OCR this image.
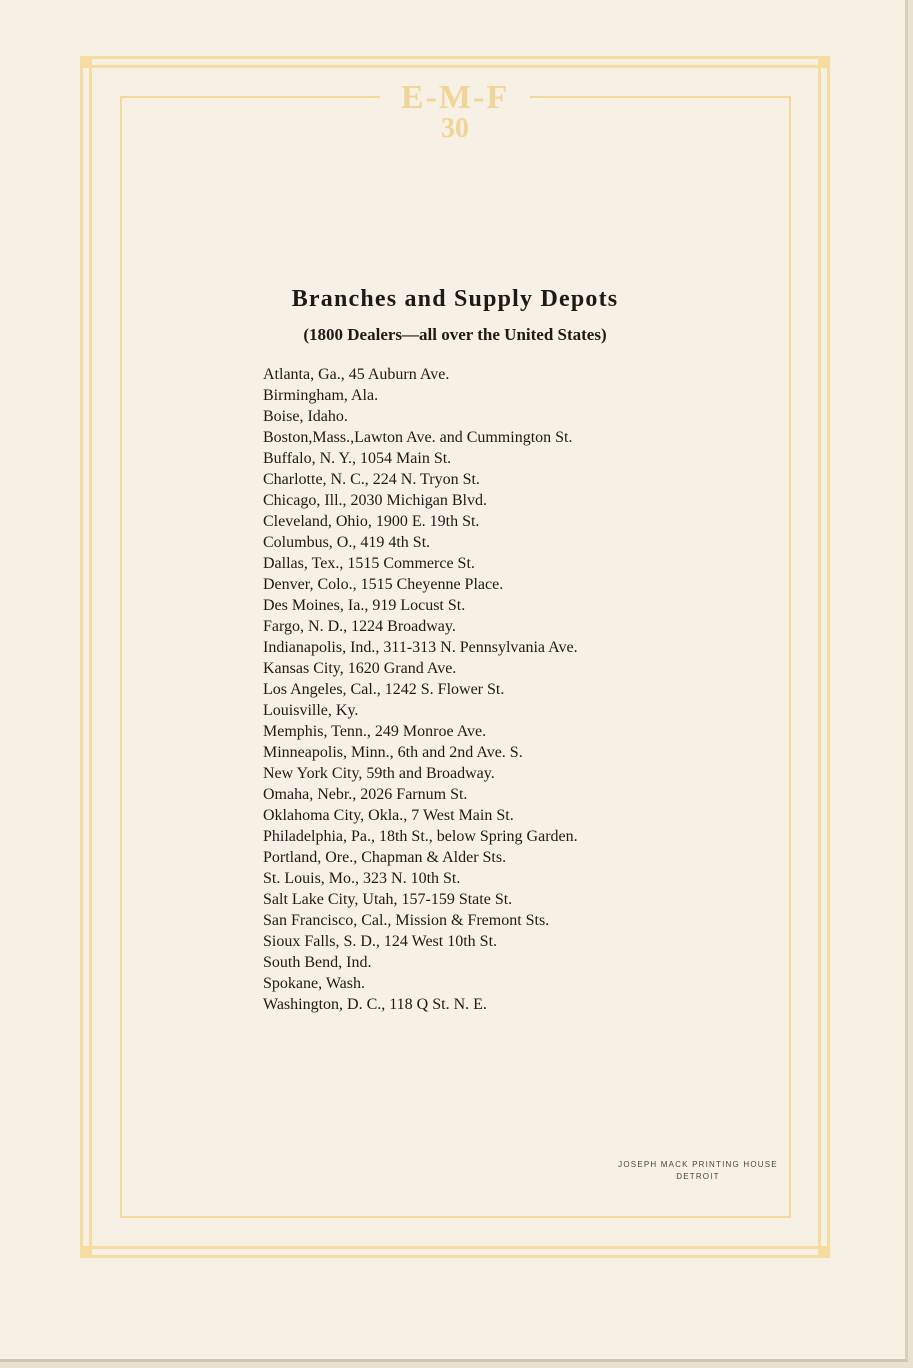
E-M-F
30
Branches and Supply Depots
(1800 Dealers—all over the United States)
Atlanta, Ga., 45 Auburn Ave.
Birmingham, Ala.
Boise, Idaho.
Boston,Mass.,Lawton Ave. and Cummington St.
Buffalo, N. Y., 1054 Main St.
Charlotte, N. C., 224 N. Tryon St.
Chicago, Ill., 2030 Michigan Blvd.
Cleveland, Ohio, 1900 E. 19th St.
Columbus, O., 419 4th St.
Dallas, Tex., 1515 Commerce St.
Denver, Colo., 1515 Cheyenne Place.
Des Moines, Ia., 919 Locust St.
Fargo, N. D., 1224 Broadway.
Indianapolis, Ind., 311-313 N. Pennsylvania Ave.
Kansas City, 1620 Grand Ave.
Los Angeles, Cal., 1242 S. Flower St.
Louisville, Ky.
Memphis, Tenn., 249 Monroe Ave.
Minneapolis, Minn., 6th and 2nd Ave. S.
New York City, 59th and Broadway.
Omaha, Nebr., 2026 Farnum St.
Oklahoma City, Okla., 7 West Main St.
Philadelphia, Pa., 18th St., below Spring Garden.
Portland, Ore., Chapman & Alder Sts.
St. Louis, Mo., 323 N. 10th St.
Salt Lake City, Utah, 157-159 State St.
San Francisco, Cal., Mission & Fremont Sts.
Sioux Falls, S. D., 124 West 10th St.
South Bend, Ind.
Spokane, Wash.
Washington, D. C., 118 Q St. N. E.
JOSEPH MACK PRINTING HOUSE
DETROIT
